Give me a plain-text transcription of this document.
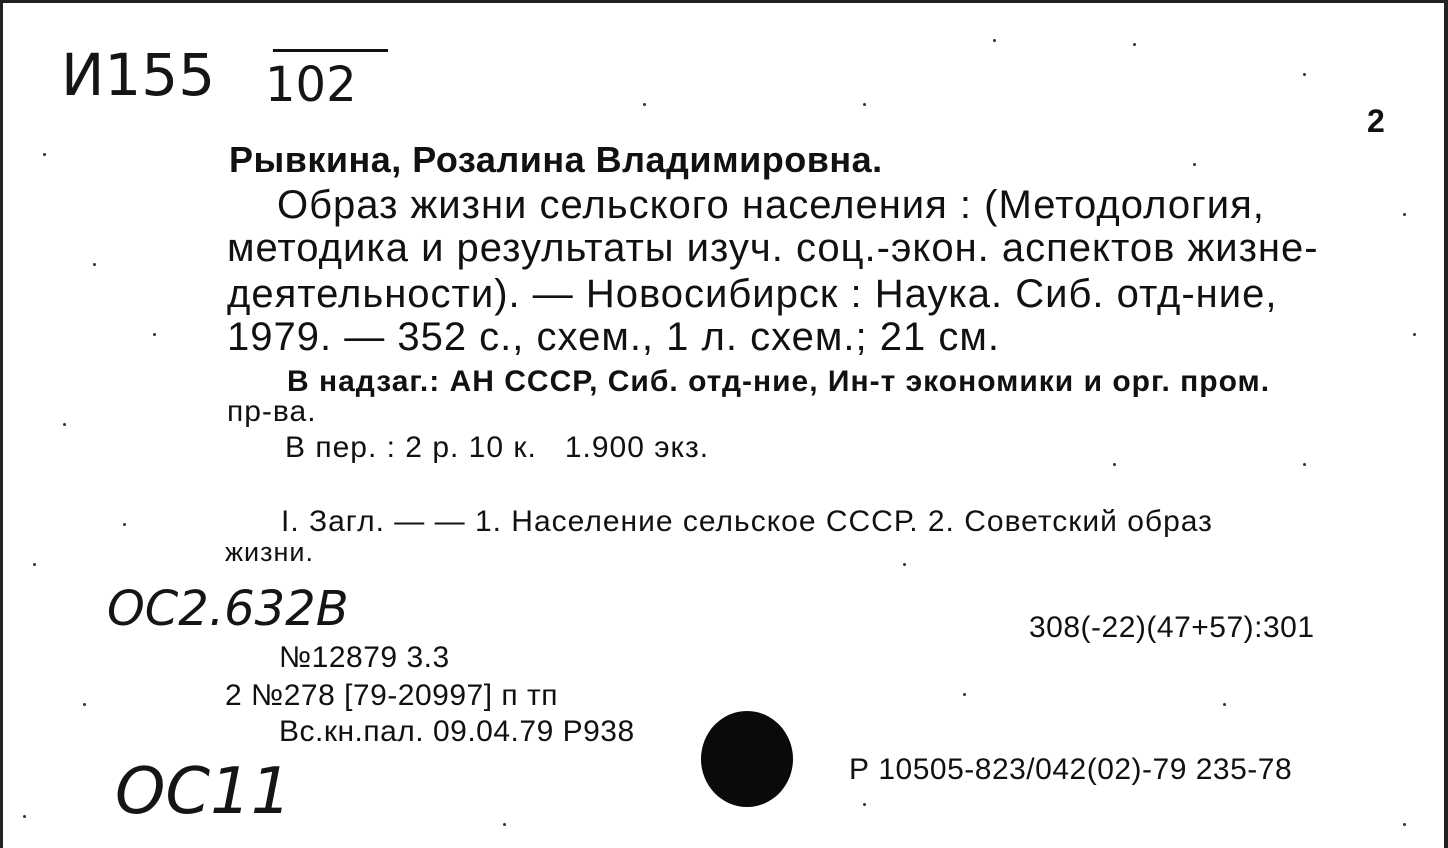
И155 102
2
Рывкина, Розалина Владимировна.
Образ жизни сельского населения : (Методология,
методика и результаты изуч. соц.-экон. аспектов жизне-
деятельности). — Новосибирск : Наука. Сиб. отд-ние,
1979. — 352 с., схем., 1 л. схем.; 21 см.
В надзаг.: АН СССР, Сиб. отд-ние, Ин-т экономики и орг. пром.
пр-ва.
В пер. : 2 р. 10 к.   1.900 экз.
I. Загл. — — 1. Население сельское СССР. 2. Советский образ
жизни.
ОС2.632В	308(-22)(47+57):301
№12879 3.3
2 №278 [79-20997] п тп
Вс.кн.пал. 09.04.79 Р938
Р 10505-823/042(02)-79 235-78
ОС11
